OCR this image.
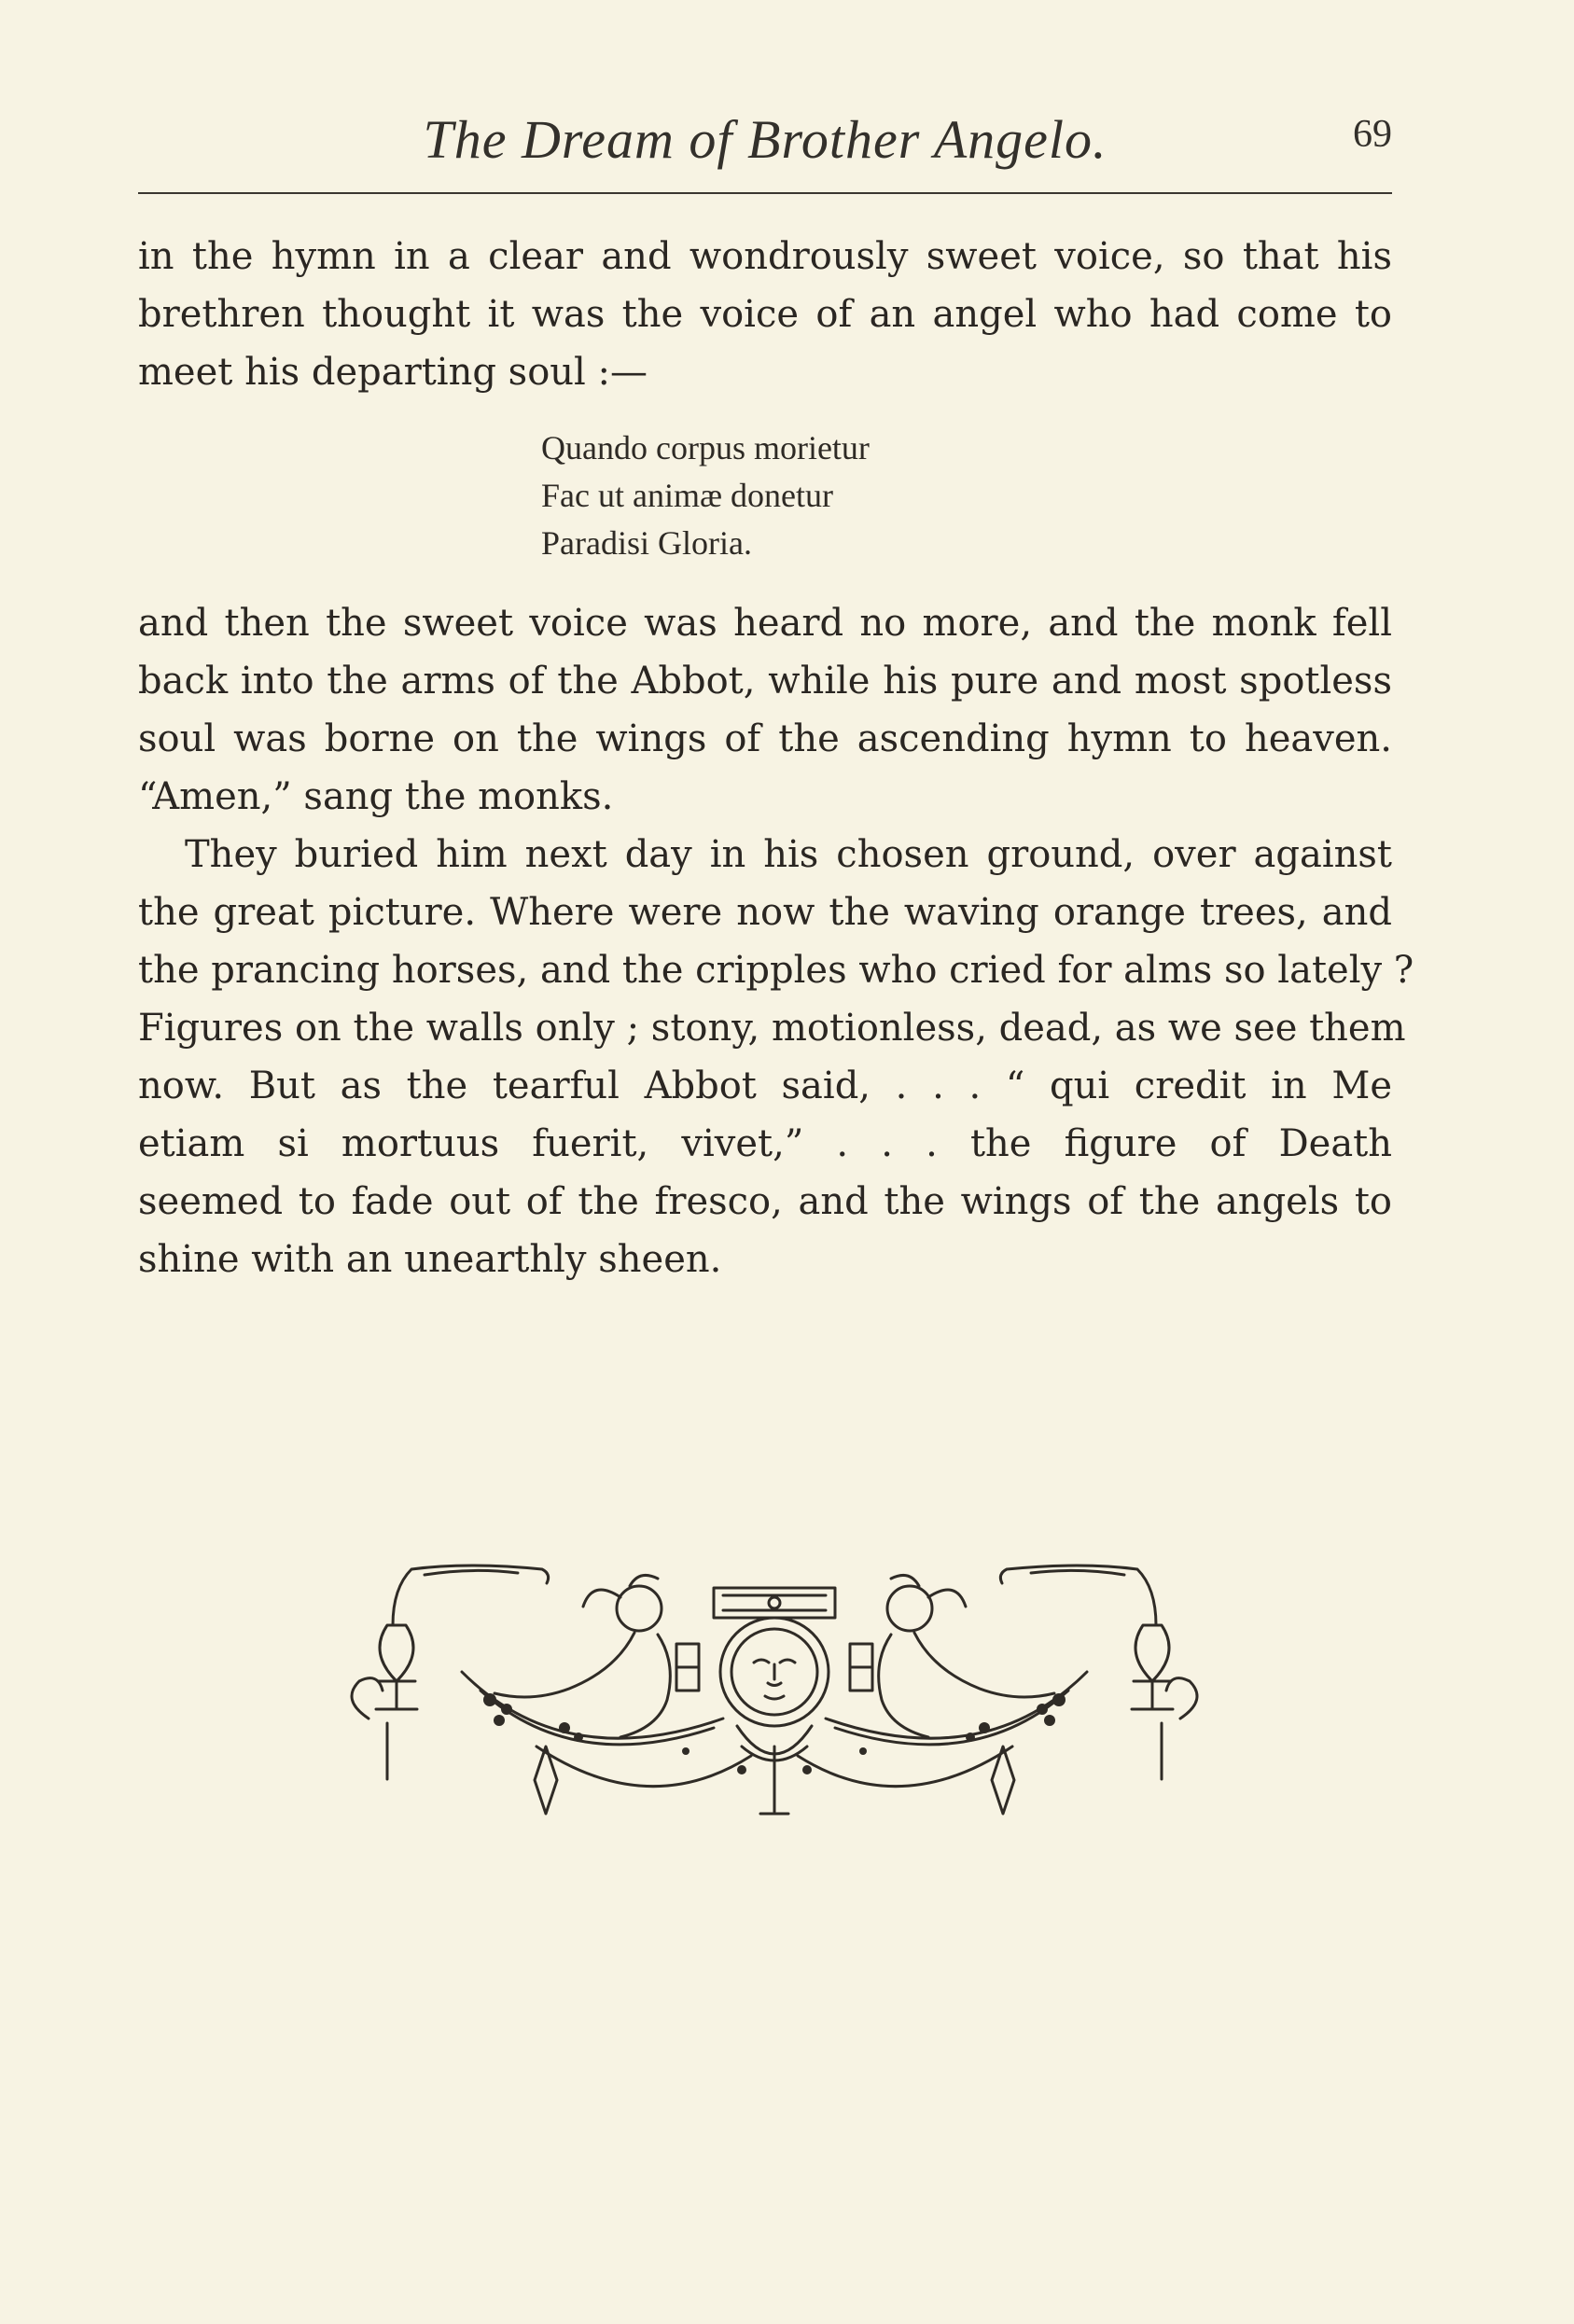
The Dream of Brother Angelo.	69

in the hymn in a clear and wondrously sweet voice, so that his
brethren thought it was the voice of an angel who had come to
meet his departing soul :—

Quando corpus morietur
Fac ut animæ donetur
Paradisi Gloria.

and then the sweet voice was heard no more, and the monk fell
back into the arms of the Abbot, while his pure and most spotless
soul was borne on the wings of the ascending hymn to heaven.
“Amen,” sang the monks.

They buried him next day in his chosen ground, over against
the great picture. Where were now the waving orange trees, and
the prancing horses, and the cripples who cried for alms so lately ?
Figures on the walls only ; stony, motionless, dead, as we see them
now. But as the tearful Abbot said, . . . “ qui credit in Me
etiam si mortuus fuerit, vivet,” . . . the figure of Death
seemed to fade out of the fresco, and the wings of the angels to
shine with an unearthly sheen.
